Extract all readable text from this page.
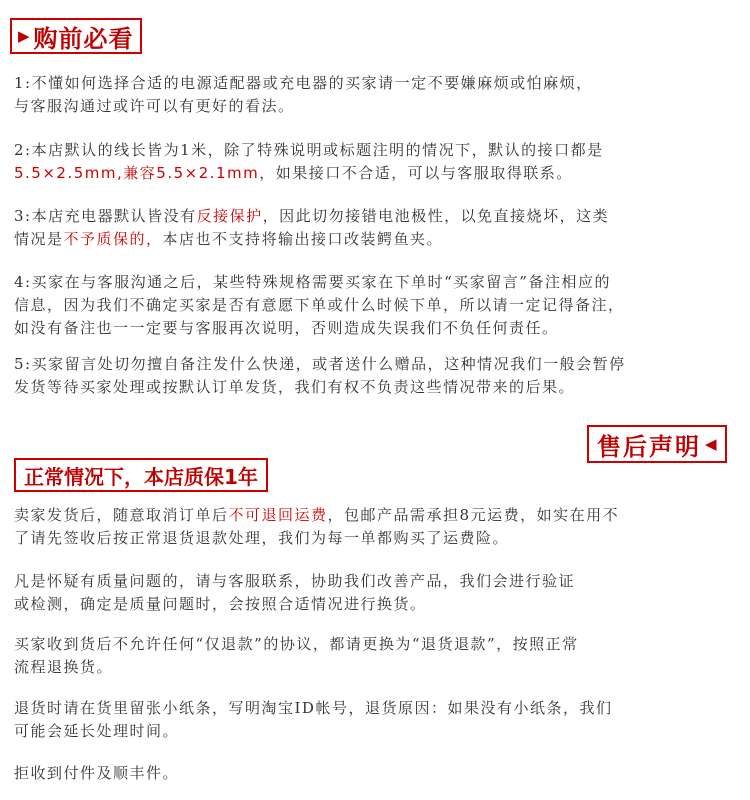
▶ 购前必看

1:不懂如何选择合适的电源适配器或充电器的买家请一定不要嫌麻烦或怕麻烦，
与客服沟通过或许可以有更好的看法。

2:本店默认的线长皆为1米，除了特殊说明或标题注明的情况下，默认的接口都是
5.5×2.5mm,兼容5.5×2.1mm，如果接口不合适，可以与客服取得联系。

3:本店充电器默认皆没有反接保护，因此切勿接错电池极性，以免直接烧坏，这类
情况是不予质保的，本店也不支持将输出接口改装鳄鱼夹。

4:买家在与客服沟通之后，某些特殊规格需要买家在下单时“买家留言”备注相应的
信息，因为我们不确定买家是否有意愿下单或什么时候下单，所以请一定记得备注，
如没有备注也一一定要与客服再次说明，否则造成失误我们不负任何责任。

5:买家留言处切勿擅自备注发什么快递，或者送什么赠品，这种情况我们一般会暂停
发货等待买家处理或按默认订单发货，我们有权不负责这些情况带来的后果。

售后声明 ◀
正常情况下，本店质保1年

卖家发货后，随意取消订单后不可退回运费，包邮产品需承担8元运费，如实在用不
了请先签收后按正常退货退款处理，我们为每一单都购买了运费险。

凡是怀疑有质量问题的，请与客服联系，协助我们改善产品，我们会进行验证
或检测，确定是质量问题时，会按照合适情况进行换货。

买家收到货后不允许任何“仅退款”的协议，都请更换为“退货退款”，按照正常
流程退换货。

退货时请在货里留张小纸条，写明淘宝ID帐号，退货原因：如果没有小纸条，我们
可能会延长处理时间。

拒收到付件及顺丰件。
